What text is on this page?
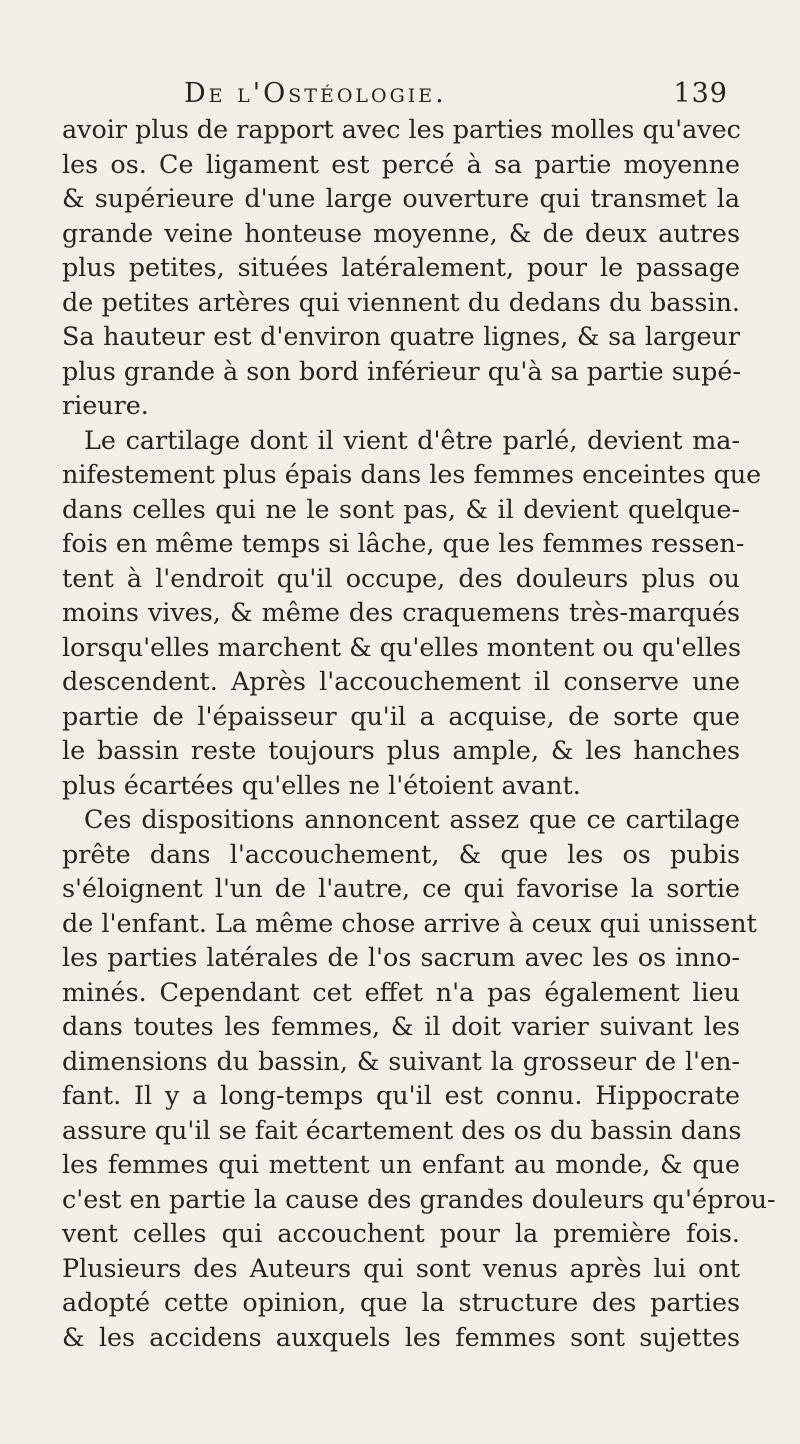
De l'Ostéologie.	139
avoir plus de rapport avec les parties molles qu'avec
les os. Ce ligament est percé à sa partie moyenne
& supérieure d'une large ouverture qui transmet la
grande veine honteuse moyenne, & de deux autres
plus petites, situées latéralement, pour le passage
de petites artères qui viennent du dedans du bassin.
Sa hauteur est d'environ quatre lignes, & sa largeur
plus grande à son bord inférieur qu'à sa partie supé-
rieure.
Le cartilage dont il vient d'être parlé, devient ma-
nifestement plus épais dans les femmes enceintes que
dans celles qui ne le sont pas, & il devient quelque-
fois en même temps si lâche, que les femmes ressen-
tent à l'endroit qu'il occupe, des douleurs plus ou
moins vives, & même des craquemens très-marqués
lorsqu'elles marchent & qu'elles montent ou qu'elles
descendent. Après l'accouchement il conserve une
partie de l'épaisseur qu'il a acquise, de sorte que
le bassin reste toujours plus ample, & les hanches
plus écartées qu'elles ne l'étoient avant.
Ces dispositions annoncent assez que ce cartilage
prête dans l'accouchement, & que les os pubis
s'éloignent l'un de l'autre, ce qui favorise la sortie
de l'enfant. La même chose arrive à ceux qui unissent
les parties latérales de l'os sacrum avec les os inno-
minés. Cependant cet effet n'a pas également lieu
dans toutes les femmes, & il doit varier suivant les
dimensions du bassin, & suivant la grosseur de l'en-
fant. Il y a long-temps qu'il est connu. Hippocrate
assure qu'il se fait écartement des os du bassin dans
les femmes qui mettent un enfant au monde, & que
c'est en partie la cause des grandes douleurs qu'éprou-
vent celles qui accouchent pour la première fois.
Plusieurs des Auteurs qui sont venus après lui ont
adopté cette opinion, que la structure des parties
& les accidens auxquels les femmes sont sujettes
